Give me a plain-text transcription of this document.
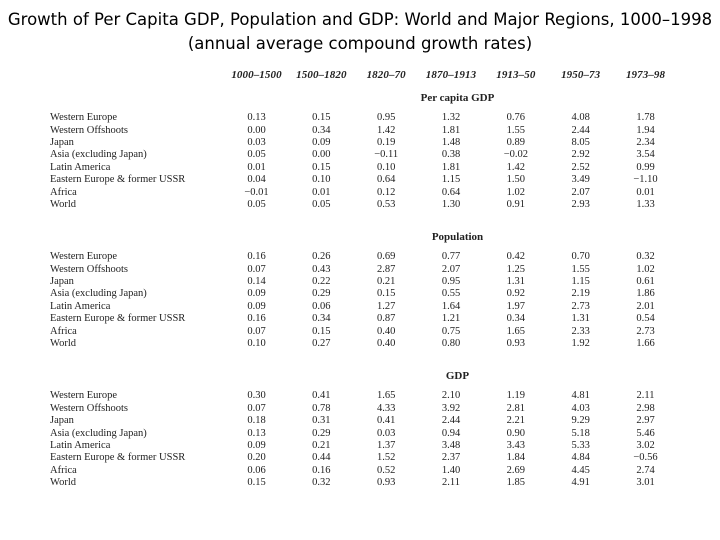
Growth of Per Capita GDP, Population and GDP: World and Major Regions, 1000–1998
(annual average compound growth rates)
	1000–1500	1500–1820	1820–70	1870–1913	1913–50	1950–73	1973–98
Per capita GDP							
Western Europe	0.13	0.15	0.95	1.32	0.76	4.08	1.78
Western Offshoots	0.00	0.34	1.42	1.81	1.55	2.44	1.94
Japan	0.03	0.09	0.19	1.48	0.89	8.05	2.34
Asia (excluding Japan)	0.05	0.00	−0.11	0.38	−0.02	2.92	3.54
Latin America	0.01	0.15	0.10	1.81	1.42	2.52	0.99
Eastern Europe & former USSR	0.04	0.10	0.64	1.15	1.50	3.49	−1.10
Africa	−0.01	0.01	0.12	0.64	1.02	2.07	0.01
World	0.05	0.05	0.53	1.30	0.91	2.93	1.33

Population							
Western Europe	0.16	0.26	0.69	0.77	0.42	0.70	0.32
Western Offshoots	0.07	0.43	2.87	2.07	1.25	1.55	1.02
Japan	0.14	0.22	0.21	0.95	1.31	1.15	0.61
Asia (excluding Japan)	0.09	0.29	0.15	0.55	0.92	2.19	1.86
Latin America	0.09	0.06	1.27	1.64	1.97	2.73	2.01
Eastern Europe & former USSR	0.16	0.34	0.87	1.21	0.34	1.31	0.54
Africa	0.07	0.15	0.40	0.75	1.65	2.33	2.73
World	0.10	0.27	0.40	0.80	0.93	1.92	1.66

GDP							
Western Europe	0.30	0.41	1.65	2.10	1.19	4.81	2.11
Western Offshoots	0.07	0.78	4.33	3.92	2.81	4.03	2.98
Japan	0.18	0.31	0.41	2.44	2.21	9.29	2.97
Asia (excluding Japan)	0.13	0.29	0.03	0.94	0.90	5.18	5.46
Latin America	0.09	0.21	1.37	3.48	3.43	5.33	3.02
Eastern Europe & former USSR	0.20	0.44	1.52	2.37	1.84	4.84	−0.56
Africa	0.06	0.16	0.52	1.40	2.69	4.45	2.74
World	0.15	0.32	0.93	2.11	1.85	4.91	3.01
